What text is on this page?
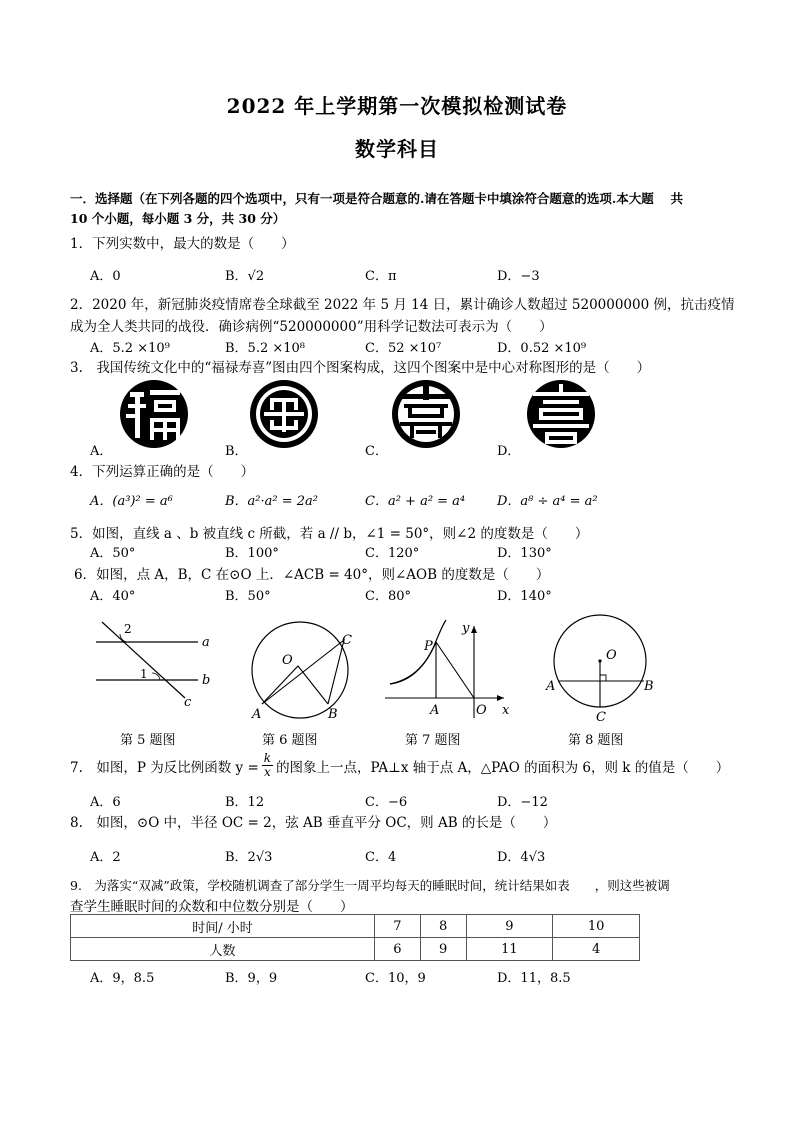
2022 年上学期第一次模拟检测试卷
数学科目
一．选择题（在下列各题的四个选项中，只有一项是符合题意的.请在答题卡中填涂符合题意的选项.本大题　 共
10 个小题，每小题 3 分，共 30 分）
1．下列实数中，最大的数是（　　）
A．0	B．√2	C．π	D．−3
2．2020 年，新冠肺炎疫情席卷全球截至 2022 年 5 月 14 日，累计确诊人数超过 520000000 例，抗击疫情
成为全人类共同的战役．确诊病例“520000000”用科学记数法可表示为（　　）
A．5.2 ×10⁹	B．5.2 ×10⁸	C．52 ×10⁷	D．0.52 ×10⁹
3.　我国传统文化中的“福禄寿喜”图由四个图案构成，这四个图案中是中心对称图形的是（　　）
A．	B．	C．	D．
4．下列运算正确的是（　　）
A．(a³)² = a⁶	B．a²·a² = 2a²	C．a² + a² = a⁴ D．a⁸ ÷ a⁴ = a²
5．如图，直线 a 、b 被直线 c 所截，若 a // b，∠1 = 50°，则∠2 的度数是（　　）
A．50°	B．100°	C．120°	D．130°
6．如图，点 A，B，C 在⊙O 上．∠ACB = 40°，则∠AOB 的度数是（　　）
A．40°	B．50°	C．80°	D．140°
2
1
a
b
c
O
C
A	B
P
A	O x
y
O
A	B
C
第 5 题图	第 6 题图	第 7 题图	第 8 题图
7.　如图，P 为反比例函数 $y = \frac{k}{x}$ 的图象上一点，PA⊥x 轴于点 A，△PAO 的面积为 6，则 k 的值是（　　）
A．6	B．12	C．−6	D．−12
8.　如图，⊙O 中，半径 OC = 2，弦 AB 垂直平分 OC，则 AB 的长是（　　）
A．2	B．2√3	C．4	D．4√3
9.　为落实“双减”政策，学校随机调查了部分学生一周平均每天的睡眠时间，统计结果如表　　，则这些被调
查学生睡眠时间的众数和中位数分别是（　　）
时间/ 小时	7	8	9	10
人数	6	9	11	4
A．9，8.5	B．9，9	C．10，9	D．11，8.5
